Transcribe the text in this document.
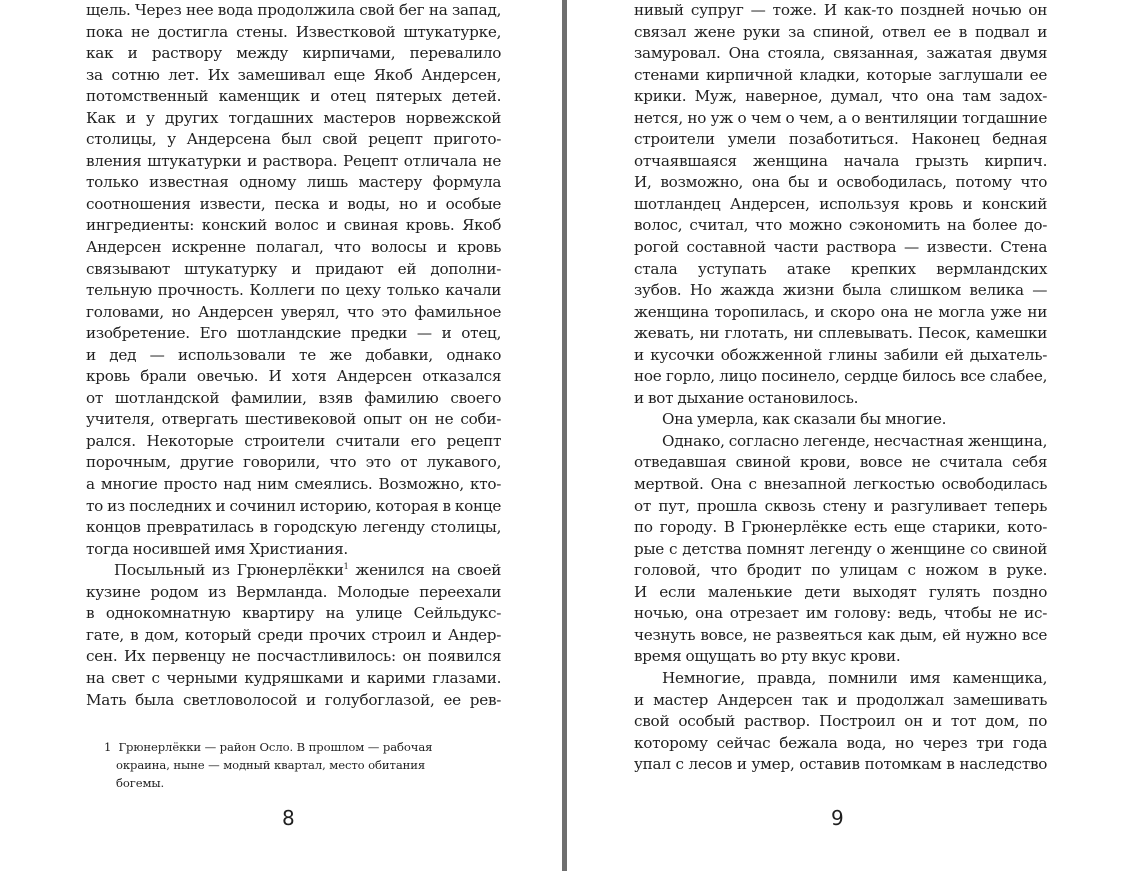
щель. Через нее вода продолжила свой бег на запад,
пока не достигла стены. Известковой штукатурке,
как и раствору между кирпичами, перевалило
за сотню лет. Их замешивал еще Якоб Андерсен,
потомственный каменщик и отец пятерых детей.
Как и у других тогдашних мастеров норвежской
столицы, у Андерсена был свой рецепт пригото-
вления штукатурки и раствора. Рецепт отличала не
только известная одному лишь мастеру формула
соотношения извести, песка и воды, но и особые
ингредиенты: конский волос и свиная кровь. Якоб
Андерсен искренне полагал, что волосы и кровь
связывают штукатурку и придают ей дополни-
тельную прочность. Коллеги по цеху только качали
головами, но Андерсен уверял, что это фамильное
изобретение. Его шотландские предки — и отец,
и дед — использовали те же добавки, однако
кровь брали овечью. И хотя Андерсен отказался
от шотландской фамилии, взяв фамилию своего
учителя, отвергать шестивековой опыт он не соби-
рался. Некоторые строители считали его рецепт
порочным, другие говорили, что это от лукавого,
а многие просто над ним смеялись. Возможно, кто-
то из последних и сочинил историю, которая в конце
концов превратилась в городскую легенду столицы,
тогда носившей имя Христиания.
Посыльный из Грюнерлёкки$^1$ женился на своей
кузине родом из Вермланда. Молодые переехали
в однокомнатную квартиру на улице Сейльдукс-
гате, в дом, который среди прочих строил и Андер-
сен. Их первенцу не посчастливилось: он появился
на свет с черными кудряшками и карими глазами.
Мать была светловолосой и голубоглазой, ее рев-
1 Грюнерлёкки — район Осло. В прошлом — рабочая
окраина, ныне — модный квартал, место обитания
богемы.
8
нивый супруг — тоже. И как-то поздней ночью он
связал жене руки за спиной, отвел ее в подвал и
замуровал. Она стояла, связанная, зажатая двумя
стенами кирпичной кладки, которые заглушали ее
крики. Муж, наверное, думал, что она там задох-
нется, но уж о чем о чем, а о вентиляции тогдашние
строители умели позаботиться. Наконец бедная
отчаявшаяся женщина начала грызть кирпич.
И, возможно, она бы и освободилась, потому что
шотландец Андерсен, используя кровь и конский
волос, считал, что можно сэкономить на более до-
рогой составной части раствора — извести. Стена
стала уступать атаке крепких вермландских
зубов. Но жажда жизни была слишком велика —
женщина торопилась, и скоро она не могла уже ни
жевать, ни глотать, ни сплевывать. Песок, камешки
и кусочки обожженной глины забили ей дыхатель-
ное горло, лицо посинело, сердце билось все слабее,
и вот дыхание остановилось.
Она умерла, как сказали бы многие.
Однако, согласно легенде, несчастная женщина,
отведавшая свиной крови, вовсе не считала себя
мертвой. Она с внезапной легкостью освободилась
от пут, прошла сквозь стену и разгуливает теперь
по городу. В Грюнерлёкке есть еще старики, кото-
рые с детства помнят легенду о женщине со свиной
головой, что бродит по улицам с ножом в руке.
И если маленькие дети выходят гулять поздно
ночью, она отрезает им голову: ведь, чтобы не ис-
чезнуть вовсе, не развеяться как дым, ей нужно все
время ощущать во рту вкус крови.
Немногие, правда, помнили имя каменщика,
и мастер Андерсен так и продолжал замешивать
свой особый раствор. Построил он и тот дом, по
которому сейчас бежала вода, но через три года
упал с лесов и умер, оставив потомкам в наследство
9
